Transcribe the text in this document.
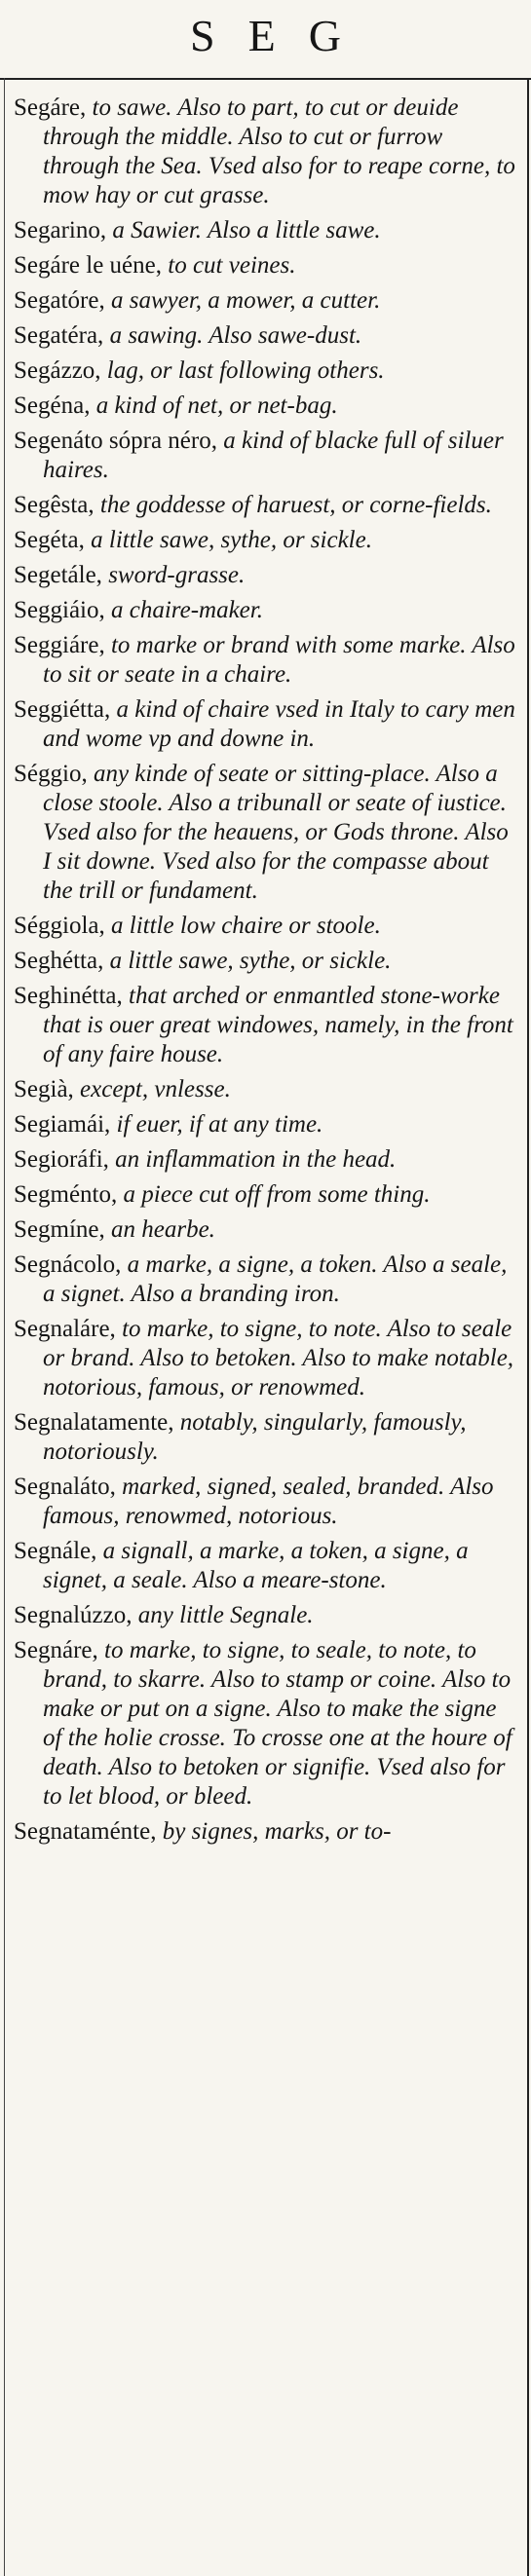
SEG

Segáre, to sawe. Also to part, to cut or deuide through the middle. Also to cut or furrow through the Sea. Vsed also for to reape corne, to mow hay or cut grasse.

Segarino, a Sawier. Also a little sawe.

Segáre le uéne, to cut veines.

Segatóre, a sawyer, a mower, a cutter.

Segatéra, a sawing. Also sawe-dust.

Segázzo, lag, or last following others.

Segéna, a kind of net, or net-bag.

Segenáto sópra néro, a kind of blacke full of siluer haires.

Segêsta, the goddesse of haruest, or corne-fields.

Segéta, a little sawe, sythe, or sickle.

Segetále, sword-grasse.

Seggiáio, a chaire-maker.

Seggiáre, to marke or brand with some marke. Also to sit or seate in a chaire.

Seggiétta, a kind of chaire vsed in Italy to cary men and wome vp and downe in.

Séggio, any kinde of seate or sitting-place. Also a close stoole. Also a tribunall or seate of iustice. Vsed also for the heauens, or Gods throne. Also I sit downe. Vsed also for the compasse about the trill or fundament.

Séggiola, a little low chaire or stoole.

Seghétta, a little sawe, sythe, or sickle.

Seghinétta, that arched or enmantled stone-worke that is ouer great windowes, namely, in the front of any faire house.

Segià, except, vnlesse.

Segiamái, if euer, if at any time.

Segioráfi, an inflammation in the head.

Segménto, a piece cut off from some thing.

Segmíne, an hearbe.

Segnácolo, a marke, a signe, a token. Also a seale, a signet. Also a branding iron.

Segnaláre, to marke, to signe, to note. Also to seale or brand. Also to betoken. Also to make notable, notorious, famous, or renowmed.

Segnalatamente, notably, singularly, famously, notoriously.

Segnaláto, marked, signed, sealed, branded. Also famous, renowmed, notorious.

Segnále, a signall, a marke, a token, a signe, a signet, a seale. Also a meare-stone.

Segnalúzzo, any little Segnale.

Segnáre, to marke, to signe, to seale, to note, to brand, to skarre. Also to stamp or coine. Also to make or put on a signe. Also to make the signe of the holie crosse. To crosse one at the houre of death. Also to betoken or signifie. Vsed also for to let blood, or bleed.

Segnataménte, by signes, marks, or to-
